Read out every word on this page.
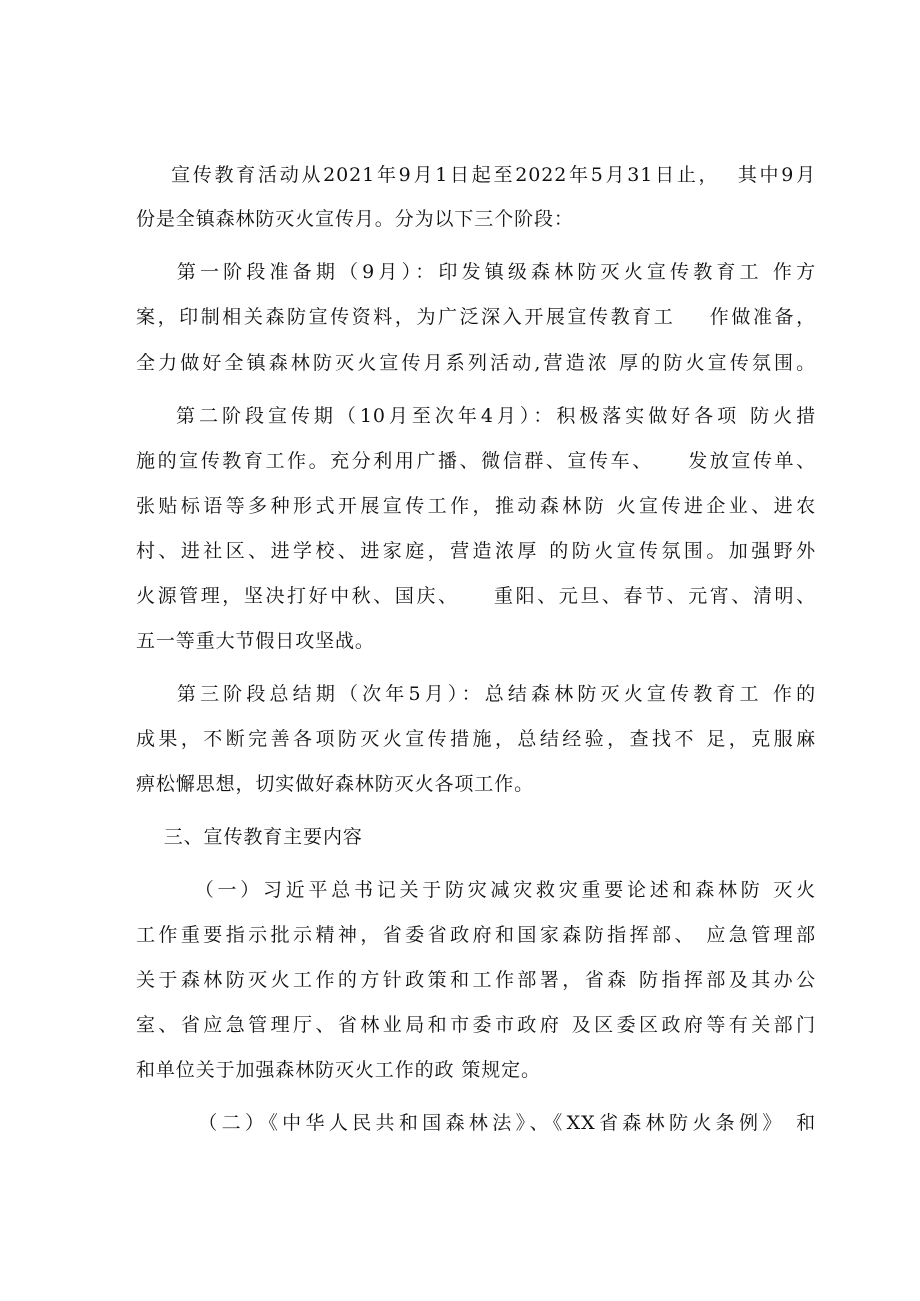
宣传教育活动从2021年9月1日起至2022年5月31日止，  其中9月
份是全镇森林防灭火宣传月。分为以下三个阶段：
第一阶段准备期（9月）：印发镇级森林防灭火宣传教育工 作方
案，印制相关森防宣传资料，为广泛深入开展宣传教育工    作做准备，
全力做好全镇森林防灭火宣传月系列活动,营造浓 厚的防火宣传氛围。
第二阶段宣传期（10月至次年4月）：积极落实做好各项 防火措
施的宣传教育工作。充分利用广播、微信群、宣传车、    发放宣传单、
张贴标语等多种形式开展宣传工作，推动森林防 火宣传进企业、进农
村、进社区、进学校、进家庭，营造浓厚 的防火宣传氛围。加强野外
火源管理，坚决打好中秋、国庆、    重阳、元旦、春节、元宵、清明、
五一等重大节假日攻坚战。
第三阶段总结期（次年5月）：总结森林防灭火宣传教育工 作的
成果，不断完善各项防灭火宣传措施，总结经验，查找不 足，克服麻
痹松懈思想，切实做好森林防灭火各项工作。
三、宣传教育主要内容
（一）习近平总书记关于防灾减灾救灾重要论述和森林防 灭火
工作重要指示批示精神，省委省政府和国家森防指挥部、 应急管理部
关于森林防灭火工作的方针政策和工作部署，省森 防指挥部及其办公
室、省应急管理厅、省林业局和市委市政府 及区委区政府等有关部门
和单位关于加强森林防灭火工作的政 策规定。
（二）《中华人民共和国森林法》、《XX省森林防火条例》 和
